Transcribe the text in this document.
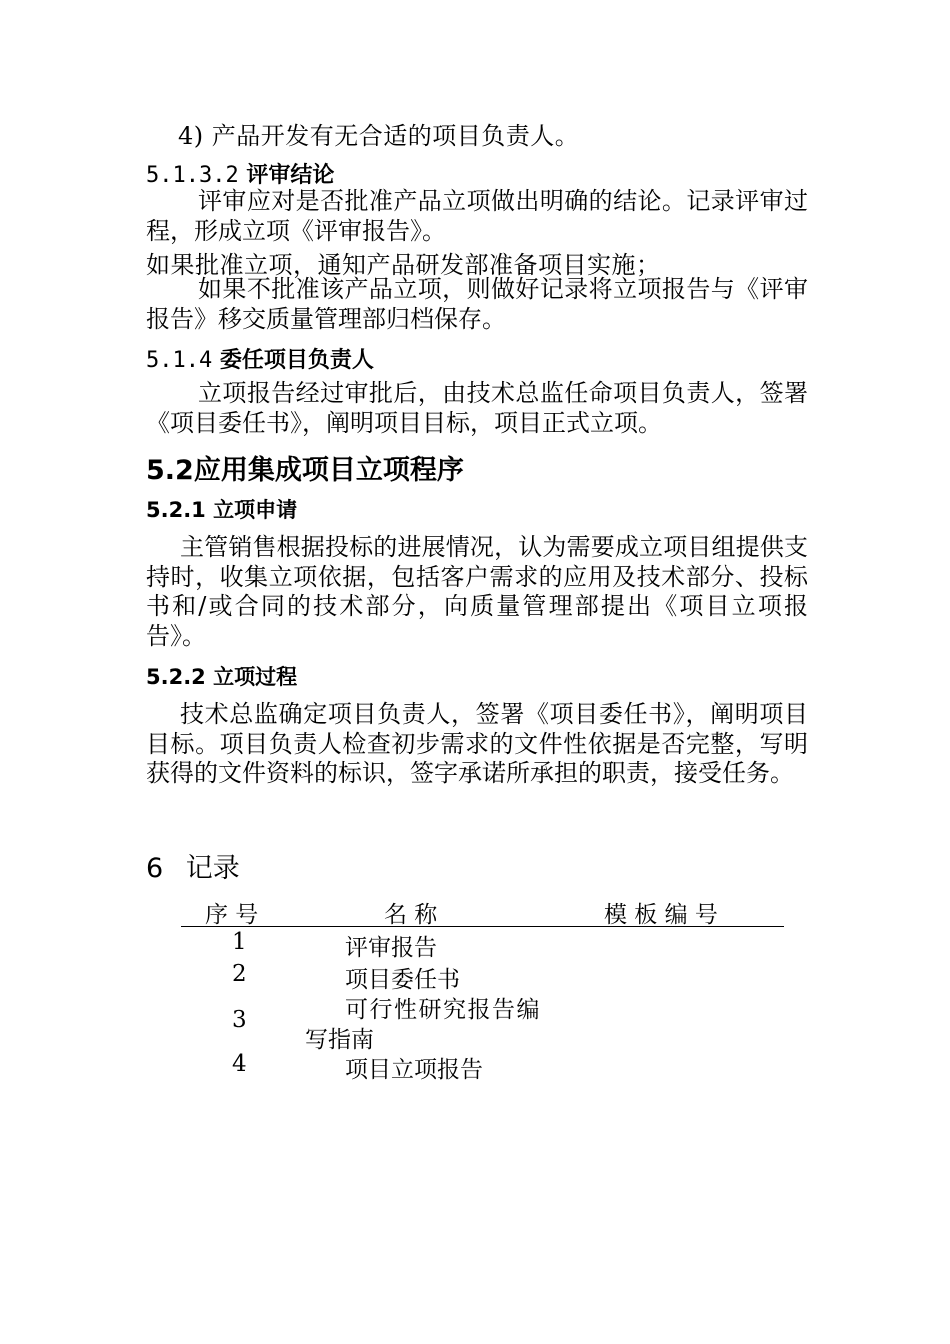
4) 产品开发有无合适的项目负责人。
5.1.3.2 评审结论
评审应对是否批准产品立项做出明确的结论。记录评审过程，形成立项《评审报告》。
如果批准立项，通知产品研发部准备项目实施；
如果不批准该产品立项，则做好记录将立项报告与《评审报告》移交质量管理部归档保存。
5.1.4 委任项目负责人
立项报告经过审批后，由技术总监任命项目负责人，签署《项目委任书》，阐明项目目标，项目正式立项。
5.2应用集成项目立项程序
5.2.1 立项申请
主管销售根据投标的进展情况，认为需要成立项目组提供支持时，收集立项依据，包括客户需求的应用及技术部分、投标书和/或合同的技术部分，向质量管理部提出《项目立项报告》。
5.2.2 立项过程
技术总监确定项目负责人，签署《项目委任书》，阐明项目目标。项目负责人检查初步需求的文件性依据是否完整，写明获得的文件资料的标识，签字承诺所承担的职责，接受任务。
6 记录
序 号	名 称	模 板 编 号
1	评审报告
2	项目委任书
3	可行性研究报告编
写指南
4	项目立项报告
